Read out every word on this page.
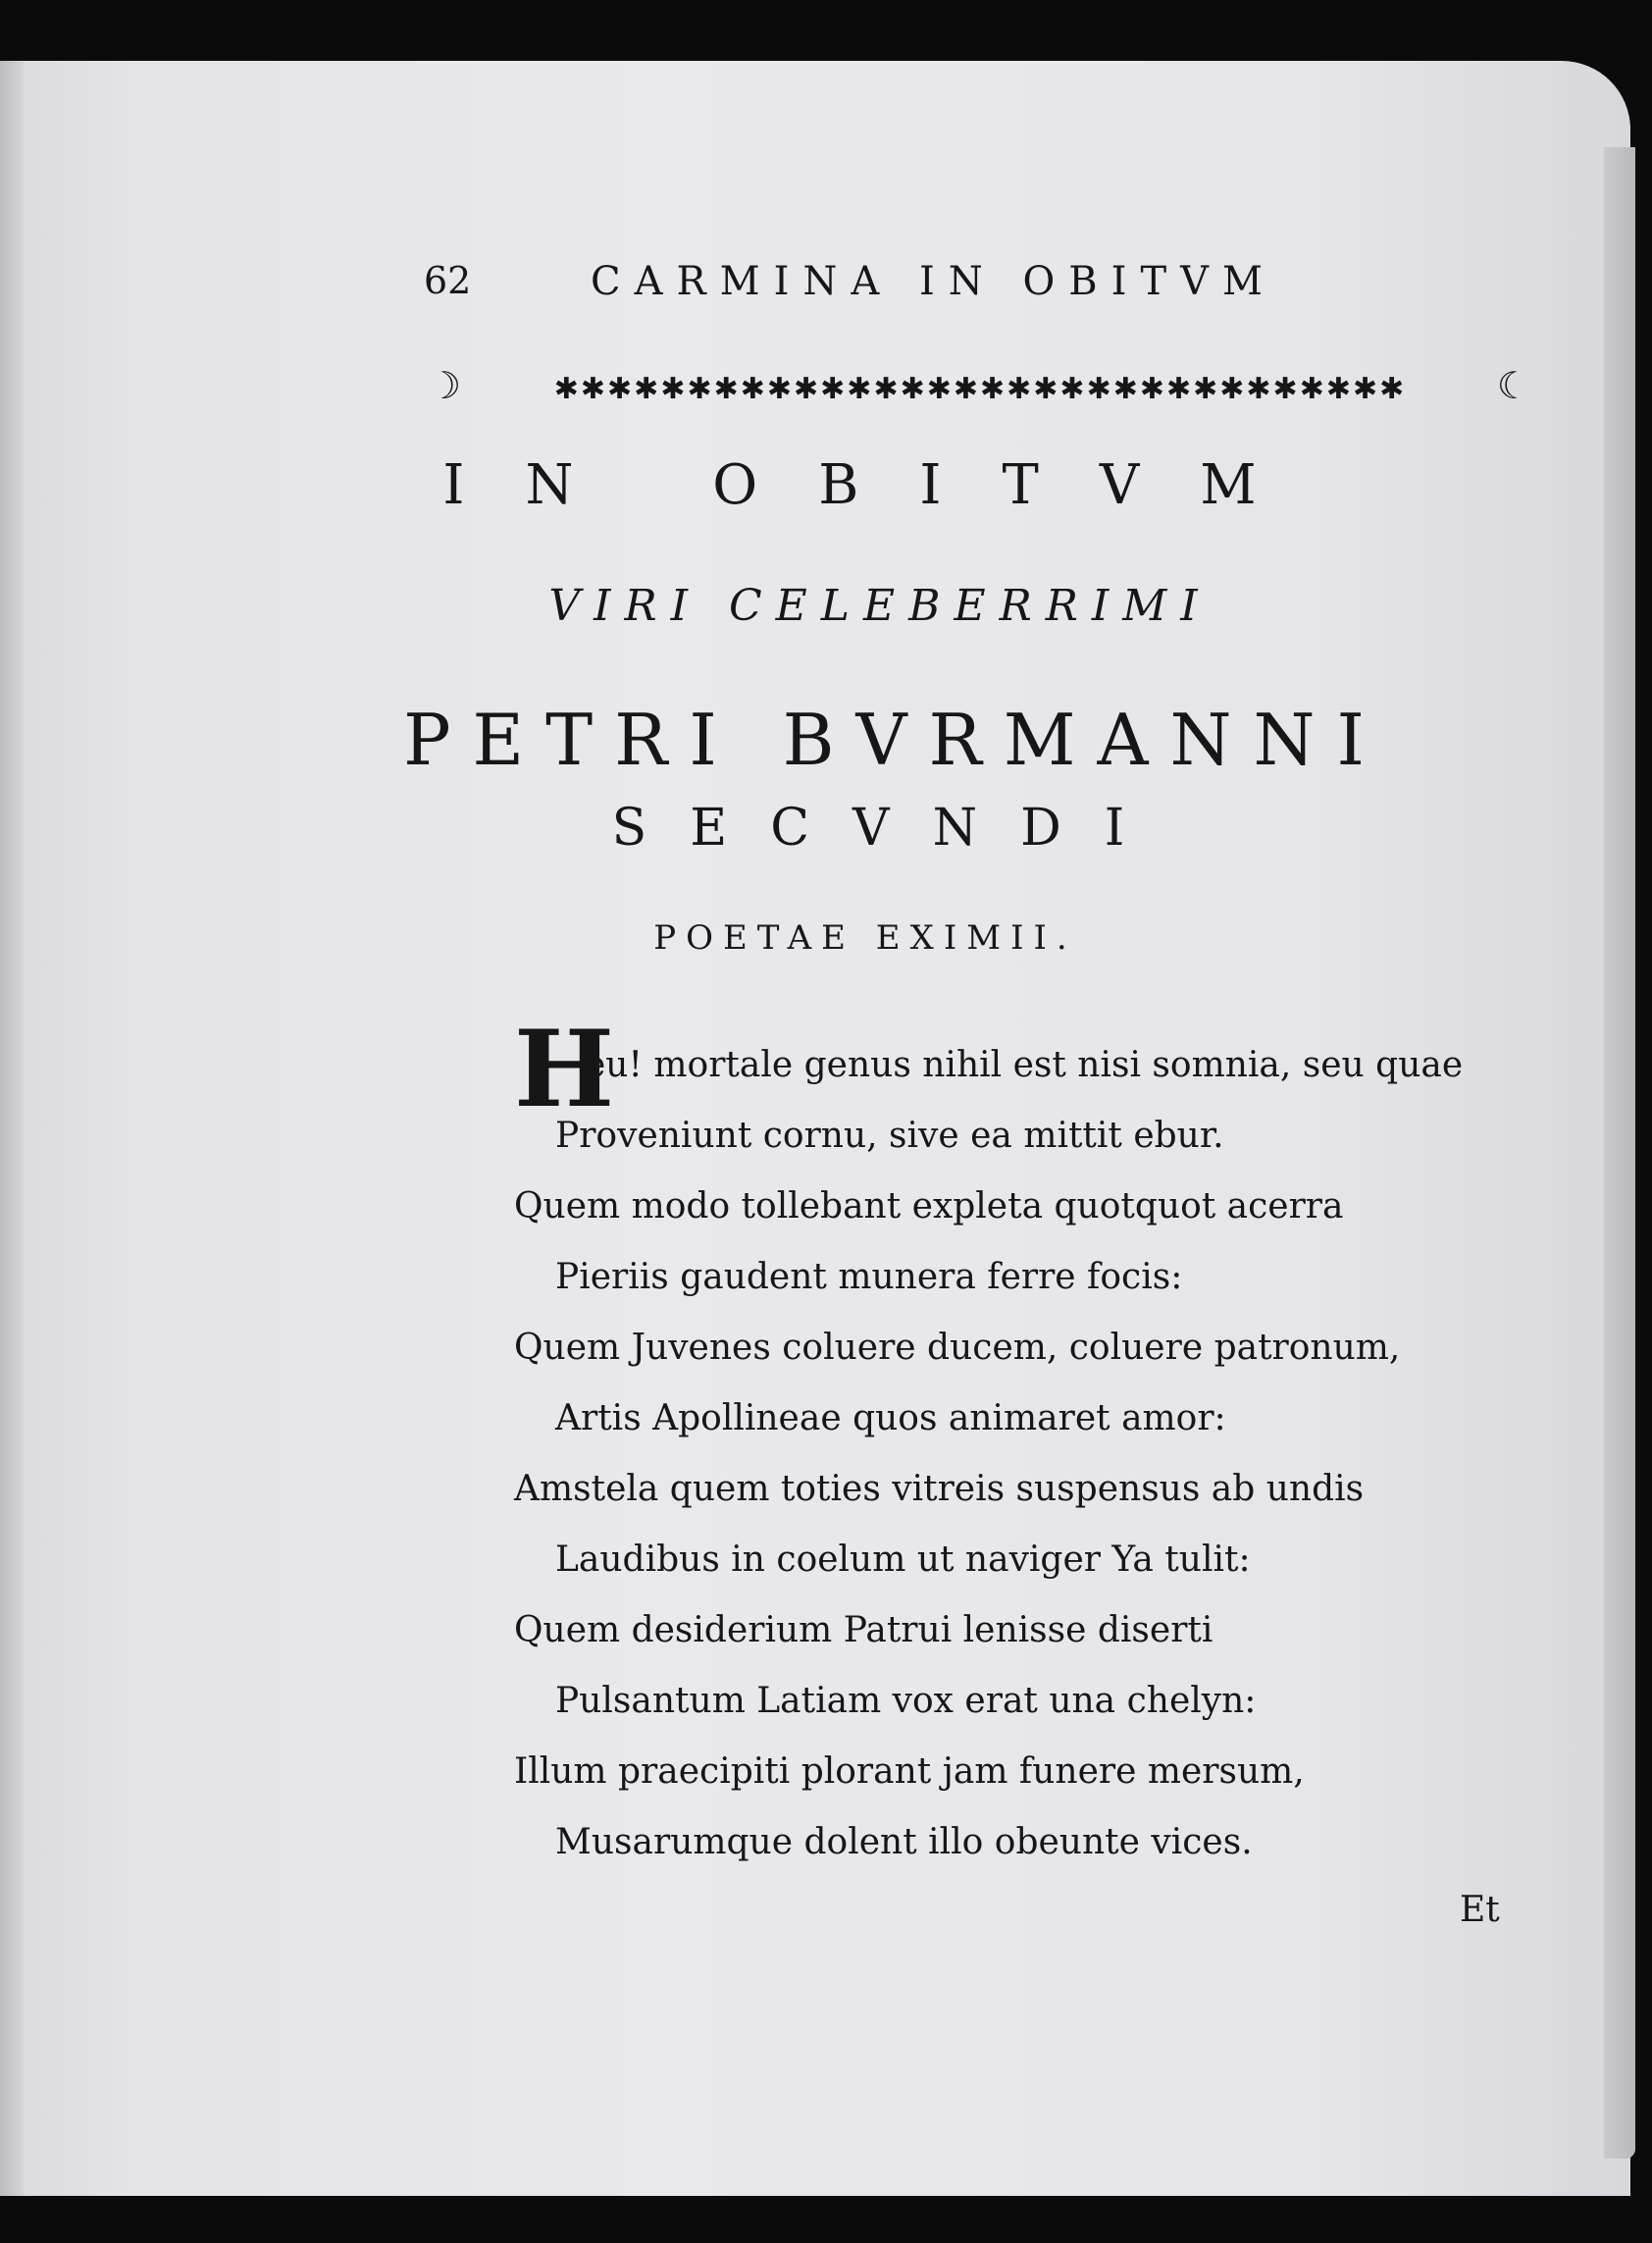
62	CARMINA IN OBITVM
☽	✱✱✱✱✱✱✱✱✱✱✱✱✱✱✱✱✱✱✱✱✱✱✱✱✱✱✱✱✱✱✱✱ ☾
IN OBITVM
VIRI CELEBERRIMI
PETRI BVRMANNI
SECVNDI
POETAE EXIMII.
H
eu! mortale genus nihil est nisi somnia, seu quae
Proveniunt cornu, sive ea mittit ebur.
Quem modo tollebant expleta quotquot acerra
Pieriis gaudent munera ferre focis:
Quem Juvenes coluere ducem, coluere patronum,
Artis Apollineae quos animaret amor:
Amstela quem toties vitreis suspensus ab undis
Laudibus in coelum ut naviger Ya tulit:
Quem desiderium Patrui lenisse diserti
Pulsantum Latiam vox erat una chelyn:
Illum praecipiti plorant jam funere mersum,
Musarumque dolent illo obeunte vices.
Et
